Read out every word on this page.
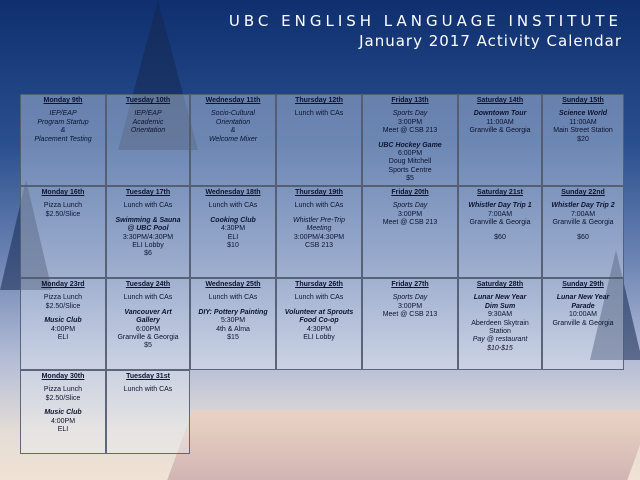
UBC ENGLISH LANGUAGE INSTITUTE
January 2017 Activity Calendar
Monday 9th
IEP/EAP
Program Startup
&
Placement Testing
Tuesday 10th
IEP/EAP
Academic
Orientation
Wednesday 11th
Socio-Cultural
Orientation
&
Welcome Mixer
Thursday 12th
Lunch with CAs
Friday 13th
Sports Day
3:00PM
Meet @ CSB 213
UBC Hockey Game
6:00PM
Doug Mitchell
Sports Centre
$5
Saturday 14th
Downtown Tour
11:00AM
Granville & Georgia
Sunday 15th
Science World
11:00AM
Main Street Station
$20
Monday 16th
Pizza Lunch
$2.50/Slice
Tuesday 17th
Lunch with CAs
Swimming & Sauna
@ UBC Pool
3:30PM/4:30PM
ELI Lobby
$6
Wednesday 18th
Lunch with CAs
Cooking Club
4:30PM
ELI
$10
Thursday 19th
Lunch with CAs
Whistler Pre-Trip
Meeting
3:00PM/4:30PM
CSB 213
Friday 20th
Sports Day
3:00PM
Meet @ CSB 213
Saturday 21st
Whistler Day Trip 1
7:00AM
Granville & Georgia
$60
Sunday 22nd
Whistler Day Trip 2
7:00AM
Granville & Georgia
$60
Monday 23rd
Pizza Lunch
$2.50/Slice
Music Club
4:00PM
ELI
Tuesday 24th
Lunch with CAs
Vancouver Art
Gallery
6:00PM
Granville & Georgia
$5
Wednesday 25th
Lunch with CAs
DIY: Pottery Painting
5:30PM
4th & Alma
$15
Thursday 26th
Lunch with CAs
Volunteer at Sprouts
Food Co-op
4:30PM
ELI Lobby
Friday 27th
Sports Day
3:00PM
Meet @ CSB 213
Saturday 28th
Lunar New Year
Dim Sum
9:30AM
Aberdeen Skytrain
Station
Pay @ restaurant
$10-$15
Sunday 29th
Lunar New Year
Parade
10:00AM
Granville & Georgia
Monday 30th
Pizza Lunch
$2.50/Slice
Music Club
4:00PM
ELI
Tuesday 31st
Lunch with CAs
